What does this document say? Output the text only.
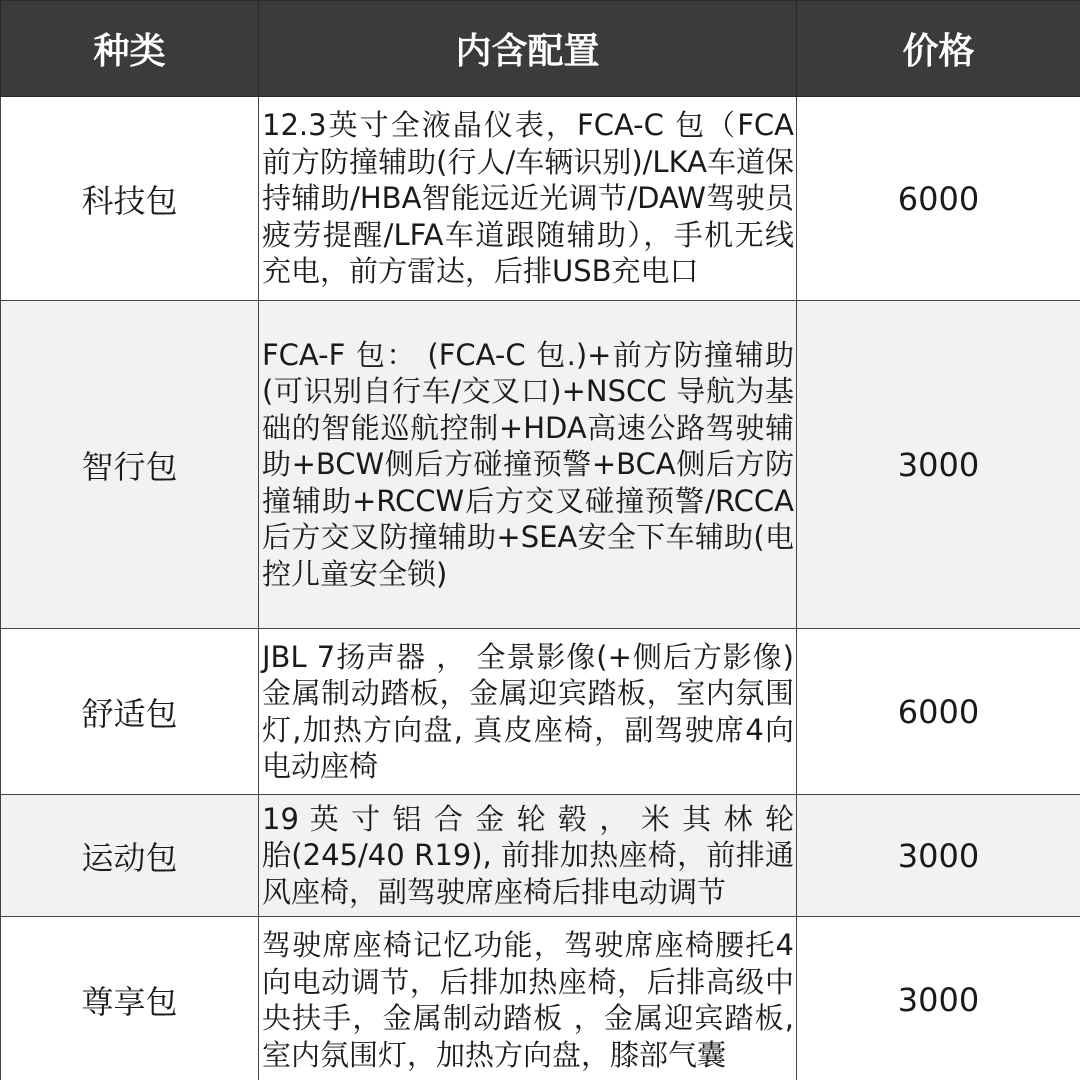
种类	内含配置	价格
科技包	12.3英寸全液晶仪表，FCA-C 包（FCA前方防撞辅助(行人/车辆识别)/LKA车道保持辅助/HBA智能远近光调节/DAW驾驶员疲劳提醒/LFA车道跟随辅助），手机无线充电，前方雷达，后排USB充电口	6000
智行包	FCA-F 包： (FCA-C 包.)+前方防撞辅助(可识别自行车/交叉口)+NSCC 导航为基础的智能巡航控制+HDA高速公路驾驶辅助+BCW侧后方碰撞预警+BCA侧后方防撞辅助+RCCW后方交叉碰撞预警/RCCA后方交叉防撞辅助+SEA安全下车辅助(电控儿童安全锁)	3000
舒适包	JBL 7扬声器 ， 全景影像(+侧后方影像)金属制动踏板，金属迎宾踏板，室内氛围灯,加热方向盘, 真皮座椅，副驾驶席4向电动座椅	6000
运动包	19 英 寸 铝 合 金 轮 毂 ， 米 其 林 轮 胎(245/40 R19), 前排加热座椅，前排通风座椅，副驾驶席座椅后排电动调节	3000
尊享包	驾驶席座椅记忆功能，驾驶席座椅腰托4向电动调节，后排加热座椅，后排高级中央扶手，金属制动踏板 ，金属迎宾踏板, 室内氛围灯，加热方向盘，膝部气囊	3000
